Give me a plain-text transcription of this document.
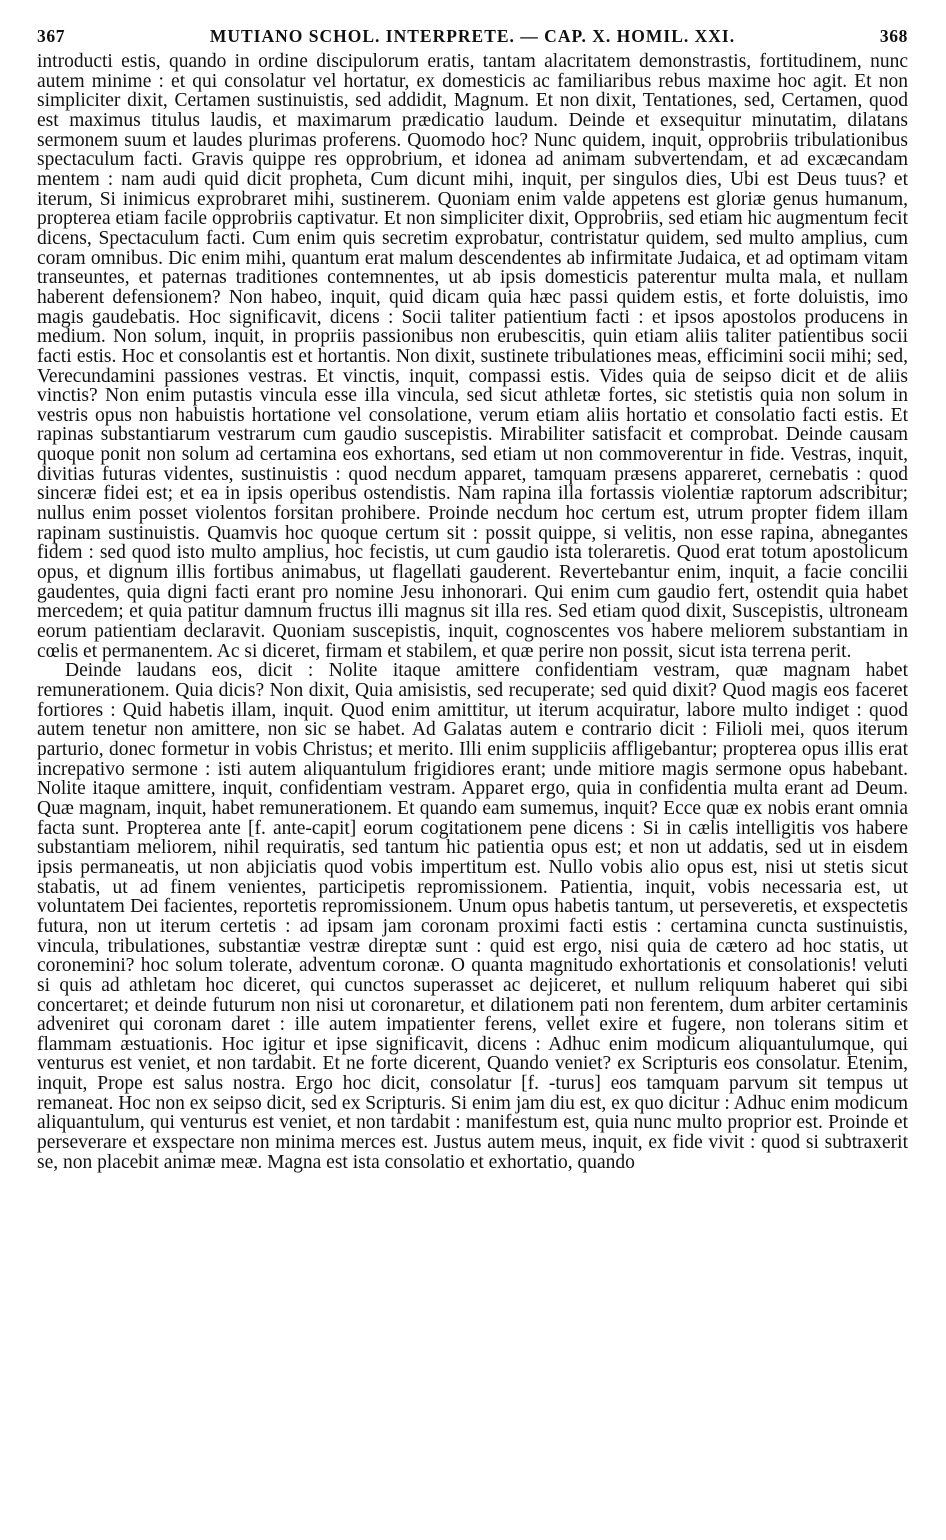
367	MUTIANO SCHOL. INTERPRETE. — CAP. X. HOMIL. XXI.	368

introducti estis, quando in ordine discipulorum eratis, tantam alacritatem demonstrastis, fortitudinem, nunc autem minime : et qui consolatur vel hortatur, ex domesticis ac familiaribus rebus maxime hoc agit. Et non simpliciter dixit, Certamen sustinuistis, sed addidit, Magnum. Et non dixit, Tentationes, sed, Certamen, quod est maximus titulus laudis, et maximarum prædicatio laudum. Deinde et exsequitur minutatim, dilatans sermonem suum et laudes plurimas proferens. Quomodo hoc? Nunc quidem, inquit, opprobriis tribulationibus spectaculum facti. Gravis quippe res opprobrium, et idonea ad animam subvertendam, et ad excæcandam mentem : nam audi quid dicit propheta, Cum dicunt mihi, inquit, per singulos dies, Ubi est Deus tuus? et iterum, Si inimicus exprobraret mihi, sustinerem. Quoniam enim valde appetens est gloriæ genus humanum, propterea etiam facile opprobriis captivatur. Et non simpliciter dixit, Opprobriis, sed etiam hic augmentum fecit dicens, Spectaculum facti. Cum enim quis secretim exprobatur, contristatur quidem, sed multo amplius, cum coram omnibus. Dic enim mihi, quantum erat malum descendentes ab infirmitate Judaica, et ad optimam vitam transeuntes, et paternas traditiones contemnentes, ut ab ipsis domesticis paterentur multa mala, et nullam haberent defensionem? Non habeo, inquit, quid dicam quia hæc passi quidem estis, et forte doluistis, imo magis gaudebatis. Hoc significavit, dicens : Socii taliter patientium facti : et ipsos apostolos producens in medium. Non solum, inquit, in propriis passionibus non erubescitis, quin etiam aliis taliter patientibus socii facti estis. Hoc et consolantis est et hortantis. Non dixit, sustinete tribulationes meas, efficimini socii mihi; sed, Verecundamini passiones vestras. Et vinctis, inquit, compassi estis. Vides quia de seipso dicit et de aliis vinctis? Non enim putastis vincula esse illa vincula, sed sicut athletæ fortes, sic stetistis quia non solum in vestris opus non habuistis hortatione vel consolatione, verum etiam aliis hortatio et consolatio facti estis. Et rapinas substantiarum vestrarum cum gaudio suscepistis. Mirabiliter satisfacit et comprobat. Deinde causam quoque ponit non solum ad certamina eos exhortans, sed etiam ut non commoverentur in fide. Vestras, inquit, divitias futuras videntes, sustinuistis : quod necdum apparet, tamquam præsens appareret, cernebatis : quod sinceræ fidei est; et ea in ipsis operibus ostendistis. Nam rapina illa fortassis violentiæ raptorum adscribitur; nullus enim posset violentos forsitan prohibere. Proinde necdum hoc certum est, utrum propter fidem illam rapinam sustinuistis. Quamvis hoc quoque certum sit : possit quippe, si velitis, non esse rapina, abnegantes fidem : sed quod isto multo amplius, hoc fecistis, ut cum gaudio ista toleraretis. Quod erat totum apostolicum opus, et dignum illis fortibus animabus, ut flagellati gauderent. Revertebantur enim, inquit, a facie concilii gaudentes, quia digni facti erant pro nomine Jesu inhonorari. Qui enim cum gaudio fert, ostendit quia habet mercedem; et quia patitur damnum fructus illi magnus sit illa res. Sed etiam quod dixit, Suscepistis, ultroneam eorum patientiam declaravit. Quoniam suscepistis, inquit, cognoscentes vos habere meliorem substantiam in cœlis et permanentem. Ac si diceret, firmam et stabilem, et quæ perire non possit, sicut ista terrena perit.

Deinde laudans eos, dicit : Nolite itaque amittere confidentiam vestram, quæ magnam habet remunerationem. Quia dicis? Non dixit, Quia amisistis, sed recuperate; sed quid dixit? Quod magis eos faceret fortiores : Quid habetis illam, inquit. Quod enim amittitur, ut iterum acquiratur, labore multo indiget : quod autem tenetur non amittere, non sic se habet. Ad Galatas autem e contrario dicit : Filioli mei, quos iterum parturio, donec formetur in vobis Christus; et merito. Illi enim suppliciis affligebantur; propterea opus illis erat increpativo sermone : isti autem aliquantulum frigidiores erant; unde mitiore magis sermone opus habebant. Nolite itaque amittere, inquit, confidentiam vestram. Apparet ergo, quia in confidentia multa erant ad Deum. Quæ magnam, inquit, habet remunerationem. Et quando eam sumemus, inquit? Ecce quæ ex nobis erant omnia facta sunt. Propterea ante [f. ante-capit] eorum cogitationem pene dicens : Si in cælis intelligitis vos habere substantiam meliorem, nihil requiratis, sed tantum hic patientia opus est; et non ut addatis, sed ut in eisdem ipsis permaneatis, ut non abjiciatis quod vobis impertitum est. Nullo vobis alio opus est, nisi ut stetis sicut stabatis, ut ad finem venientes, participetis repromissionem. Patientia, inquit, vobis necessaria est, ut voluntatem Dei facientes, reportetis repromissionem. Unum opus habetis tantum, ut perseveretis, et exspectetis futura, non ut iterum certetis : ad ipsam jam coronam proximi facti estis : certamina cuncta sustinuistis, vincula, tribulationes, substantiæ vestræ direptæ sunt : quid est ergo, nisi quia de cætero ad hoc statis, ut coronemini? hoc solum tolerate, adventum coronæ. O quanta magnitudo exhortationis et consolationis! veluti si quis ad athletam hoc diceret, qui cunctos superasset ac dejiceret, et nullum reliquum haberet qui sibi concertaret; et deinde futurum non nisi ut coronaretur, et dilationem pati non ferentem, dum arbiter certaminis adveniret qui coronam daret : ille autem impatienter ferens, vellet exire et fugere, non tolerans sitim et flammam æstuationis. Hoc igitur et ipse significavit, dicens : Adhuc enim modicum aliquantulumque, qui venturus est veniet, et non tardabit. Et ne forte dicerent, Quando veniet? ex Scripturis eos consolatur. Etenim, inquit, Prope est salus nostra. Ergo hoc dicit, consolatur [f. -turus] eos tamquam parvum sit tempus ut remaneat. Hoc non ex seipso dicit, sed ex Scripturis. Si enim jam diu est, ex quo dicitur : Adhuc enim modicum aliquantulum, qui venturus est veniet, et non tardabit : manifestum est, quia nunc multo proprior est. Proinde et perseverare et exspectare non minima merces est. Justus autem meus, inquit, ex fide vivit : quod si subtraxerit se, non placebit animæ meæ. Magna est ista consolatio et exhortatio, quando
